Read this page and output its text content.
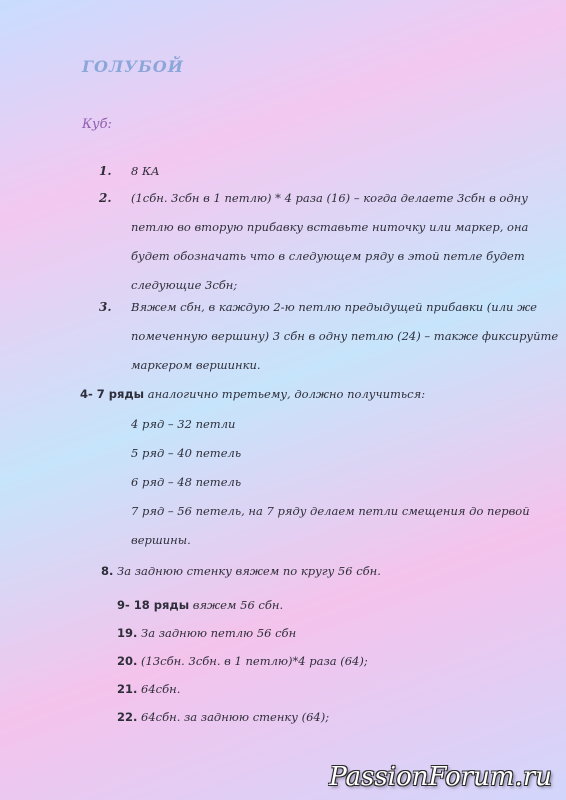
ГОЛУБОЙ
Куб:
1. 8 КА
2. (1сбн. 3сбн в 1 петлю) * 4 раза (16) – когда делаете 3сбн в одну
петлю во вторую прибавку вставьте ниточку или маркер, она
будет обозначать что в следующем ряду в этой петле будет
следующие 3сбн;
3. Вяжем сбн, в каждую 2-ю петлю предыдущей прибавки (или же
помеченную вершину) 3 сбн в одну петлю (24) – также фиксируйте
маркером вершинки.
4- 7 ряды аналогично третьему, должно получиться:
4 ряд – 32 петли
5 ряд – 40 петель
6 ряд – 48 петель
7 ряд – 56 петель, на 7 ряду делаем петли смещения до первой
вершины.
8. За заднюю стенку вяжем по кругу 56 сбн.
9- 18 ряды вяжем 56 сбн.
19. За заднюю петлю 56 сбн
20. (13сбн. 3сбн. в 1 петлю)*4 раза (64);
21. 64сбн.
22. 64сбн. за заднюю стенку (64);
PassionForum.ru
